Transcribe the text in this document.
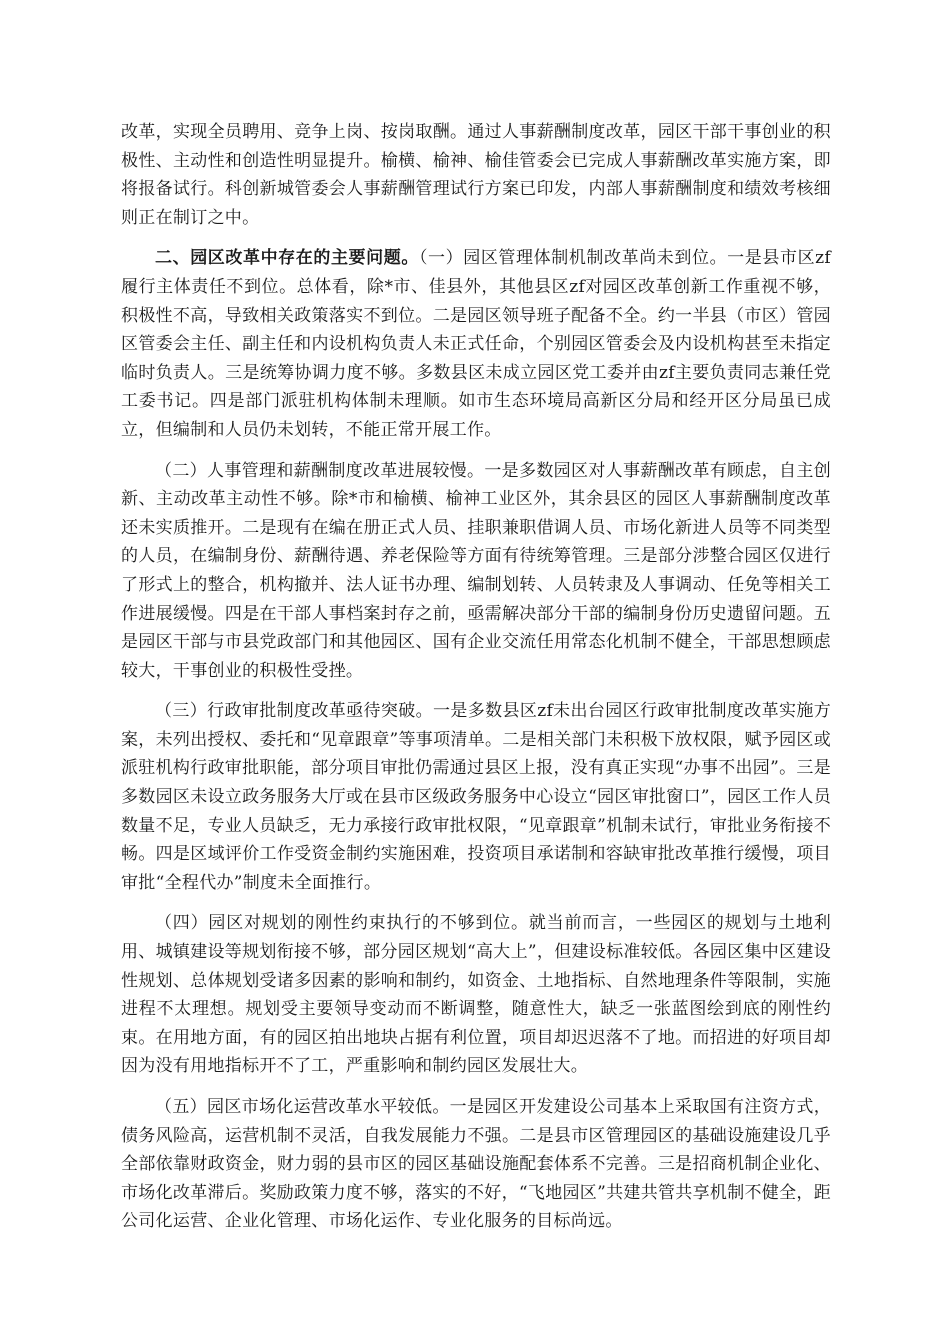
改革，实现全员聘用、竞争上岗、按岗取酬。通过人事薪酬制度改革，园区干部干事创业的积极性、主动性和创造性明显提升。榆横、榆神、榆佳管委会已完成人事薪酬改革实施方案，即将报备试行。科创新城管委会人事薪酬管理试行方案已印发，内部人事薪酬制度和绩效考核细则正在制订之中。

二、园区改革中存在的主要问题。（一）园区管理体制机制改革尚未到位。一是县市区zf履行主体责任不到位。总体看，除*市、佳县外，其他县区zf对园区改革创新工作重视不够，积极性不高，导致相关政策落实不到位。二是园区领导班子配备不全。约一半县（市区）管园区管委会主任、副主任和内设机构负责人未正式任命，个别园区管委会及内设机构甚至未指定临时负责人。三是统筹协调力度不够。多数县区未成立园区党工委并由zf主要负责同志兼任党工委书记。四是部门派驻机构体制未理顺。如市生态环境局高新区分局和经开区分局虽已成立，但编制和人员仍未划转，不能正常开展工作。

（二）人事管理和薪酬制度改革进展较慢。一是多数园区对人事薪酬改革有顾虑，自主创新、主动改革主动性不够。除*市和榆横、榆神工业区外，其余县区的园区人事薪酬制度改革还未实质推开。二是现有在编在册正式人员、挂职兼职借调人员、市场化新进人员等不同类型的人员，在编制身份、薪酬待遇、养老保险等方面有待统筹管理。三是部分涉整合园区仅进行了形式上的整合，机构撤并、法人证书办理、编制划转、人员转隶及人事调动、任免等相关工作进展缓慢。四是在干部人事档案封存之前，亟需解决部分干部的编制身份历史遗留问题。五是园区干部与市县党政部门和其他园区、国有企业交流任用常态化机制不健全，干部思想顾虑较大，干事创业的积极性受挫。

（三）行政审批制度改革亟待突破。一是多数县区zf未出台园区行政审批制度改革实施方案，未列出授权、委托和“见章跟章”等事项清单。二是相关部门未积极下放权限，赋予园区或派驻机构行政审批职能，部分项目审批仍需通过县区上报，没有真正实现“办事不出园”。三是多数园区未设立政务服务大厅或在县市区级政务服务中心设立“园区审批窗口”，园区工作人员数量不足，专业人员缺乏，无力承接行政审批权限，“见章跟章”机制未试行，审批业务衔接不畅。四是区域评价工作受资金制约实施困难，投资项目承诺制和容缺审批改革推行缓慢，项目审批“全程代办”制度未全面推行。

（四）园区对规划的刚性约束执行的不够到位。就当前而言，一些园区的规划与土地利用、城镇建设等规划衔接不够，部分园区规划“高大上”，但建设标准较低。各园区集中区建设性规划、总体规划受诸多因素的影响和制约，如资金、土地指标、自然地理条件等限制，实施进程不太理想。规划受主要领导变动而不断调整，随意性大，缺乏一张蓝图绘到底的刚性约束。在用地方面，有的园区拍出地块占据有利位置，项目却迟迟落不了地。而招进的好项目却因为没有用地指标开不了工，严重影响和制约园区发展壮大。

（五）园区市场化运营改革水平较低。一是园区开发建设公司基本上采取国有注资方式，债务风险高，运营机制不灵活，自我发展能力不强。二是县市区管理园区的基础设施建设几乎全部依靠财政资金，财力弱的县市区的园区基础设施配套体系不完善。三是招商机制企业化、市场化改革滞后。奖励政策力度不够，落实的不好，“飞地园区”共建共管共享机制不健全，距公司化运营、企业化管理、市场化运作、专业化服务的目标尚远。
